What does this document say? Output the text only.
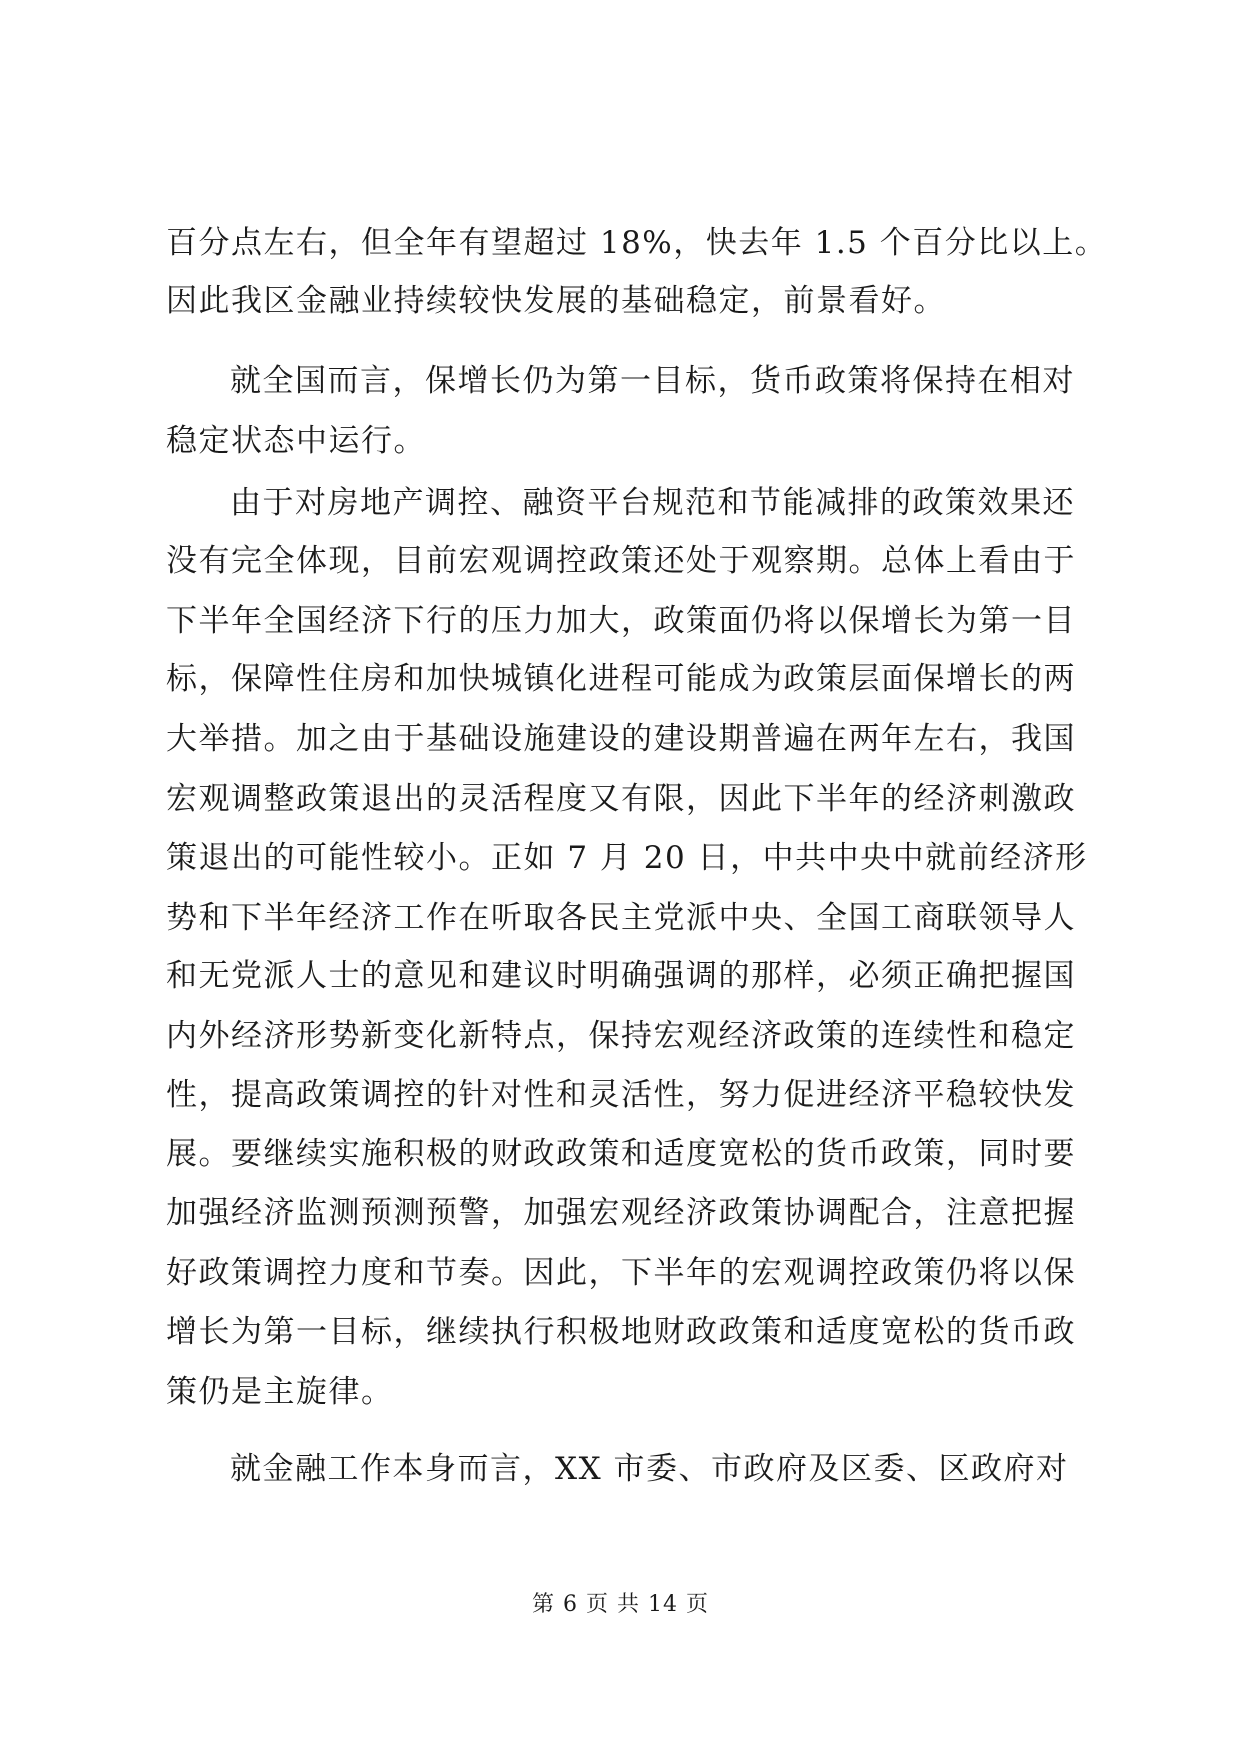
百分点左右，但全年有望超过 18%，快去年 1.5 个百分比以上。
因此我区金融业持续较快发展的基础稳定，前景看好。
就全国而言，保增长仍为第一目标，货币政策将保持在相对
稳定状态中运行。
由于对房地产调控、融资平台规范和节能减排的政策效果还
没有完全体现，目前宏观调控政策还处于观察期。总体上看由于
下半年全国经济下行的压力加大，政策面仍将以保增长为第一目
标，保障性住房和加快城镇化进程可能成为政策层面保增长的两
大举措。加之由于基础设施建设的建设期普遍在两年左右，我国
宏观调整政策退出的灵活程度又有限，因此下半年的经济刺激政
策退出的可能性较小。正如 7 月 20 日，中共中央中就前经济形
势和下半年经济工作在听取各民主党派中央、全国工商联领导人
和无党派人士的意见和建议时明确强调的那样，必须正确把握国
内外经济形势新变化新特点，保持宏观经济政策的连续性和稳定
性，提高政策调控的针对性和灵活性，努力促进经济平稳较快发
展。要继续实施积极的财政政策和适度宽松的货币政策，同时要
加强经济监测预测预警，加强宏观经济政策协调配合，注意把握
好政策调控力度和节奏。因此，下半年的宏观调控政策仍将以保
增长为第一目标，继续执行积极地财政政策和适度宽松的货币政
策仍是主旋律。
就金融工作本身而言，XX 市委、市政府及区委、区政府对
第 6 页 共 14 页
